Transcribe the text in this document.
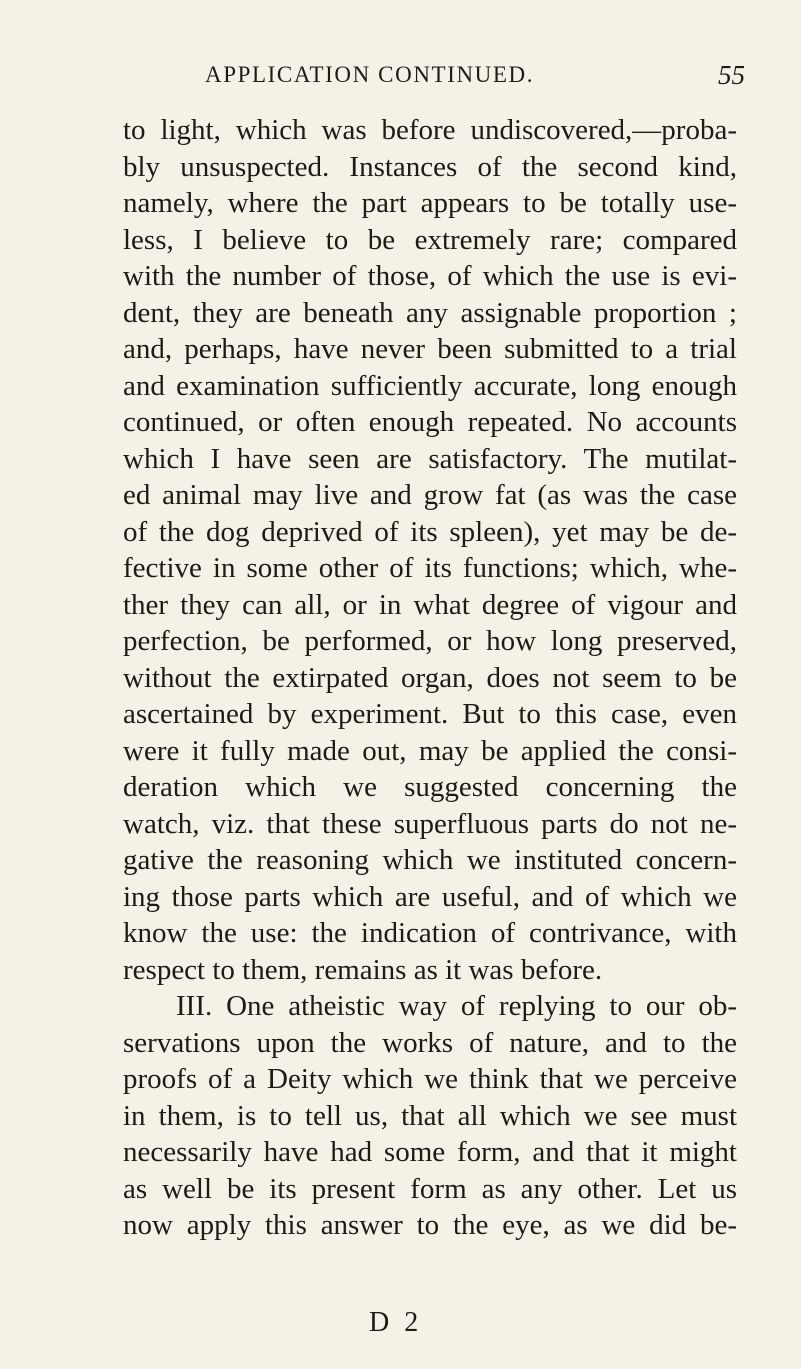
APPLICATION CONTINUED.	55
to light, which was before undiscovered,—proba-
bly unsuspected. Instances of the second kind,
namely, where the part appears to be totally use-
less, I believe to be extremely rare; compared
with the number of those, of which the use is evi-
dent, they are beneath any assignable proportion ;
and, perhaps, have never been submitted to a trial
and examination sufficiently accurate, long enough
continued, or often enough repeated. No accounts
which I have seen are satisfactory. The mutilat-
ed animal may live and grow fat (as was the case
of the dog deprived of its spleen), yet may be de-
fective in some other of its functions; which, whe-
ther they can all, or in what degree of vigour and
perfection, be performed, or how long preserved,
without the extirpated organ, does not seem to be
ascertained by experiment. But to this case, even
were it fully made out, may be applied the consi-
deration which we suggested concerning the
watch, viz. that these superfluous parts do not ne-
gative the reasoning which we instituted concern-
ing those parts which are useful, and of which we
know the use: the indication of contrivance, with
respect to them, remains as it was before.
III. One atheistic way of replying to our ob-
servations upon the works of nature, and to the
proofs of a Deity which we think that we perceive
in them, is to tell us, that all which we see must
necessarily have had some form, and that it might
as well be its present form as any other. Let us
now apply this answer to the eye, as we did be-
D 2
